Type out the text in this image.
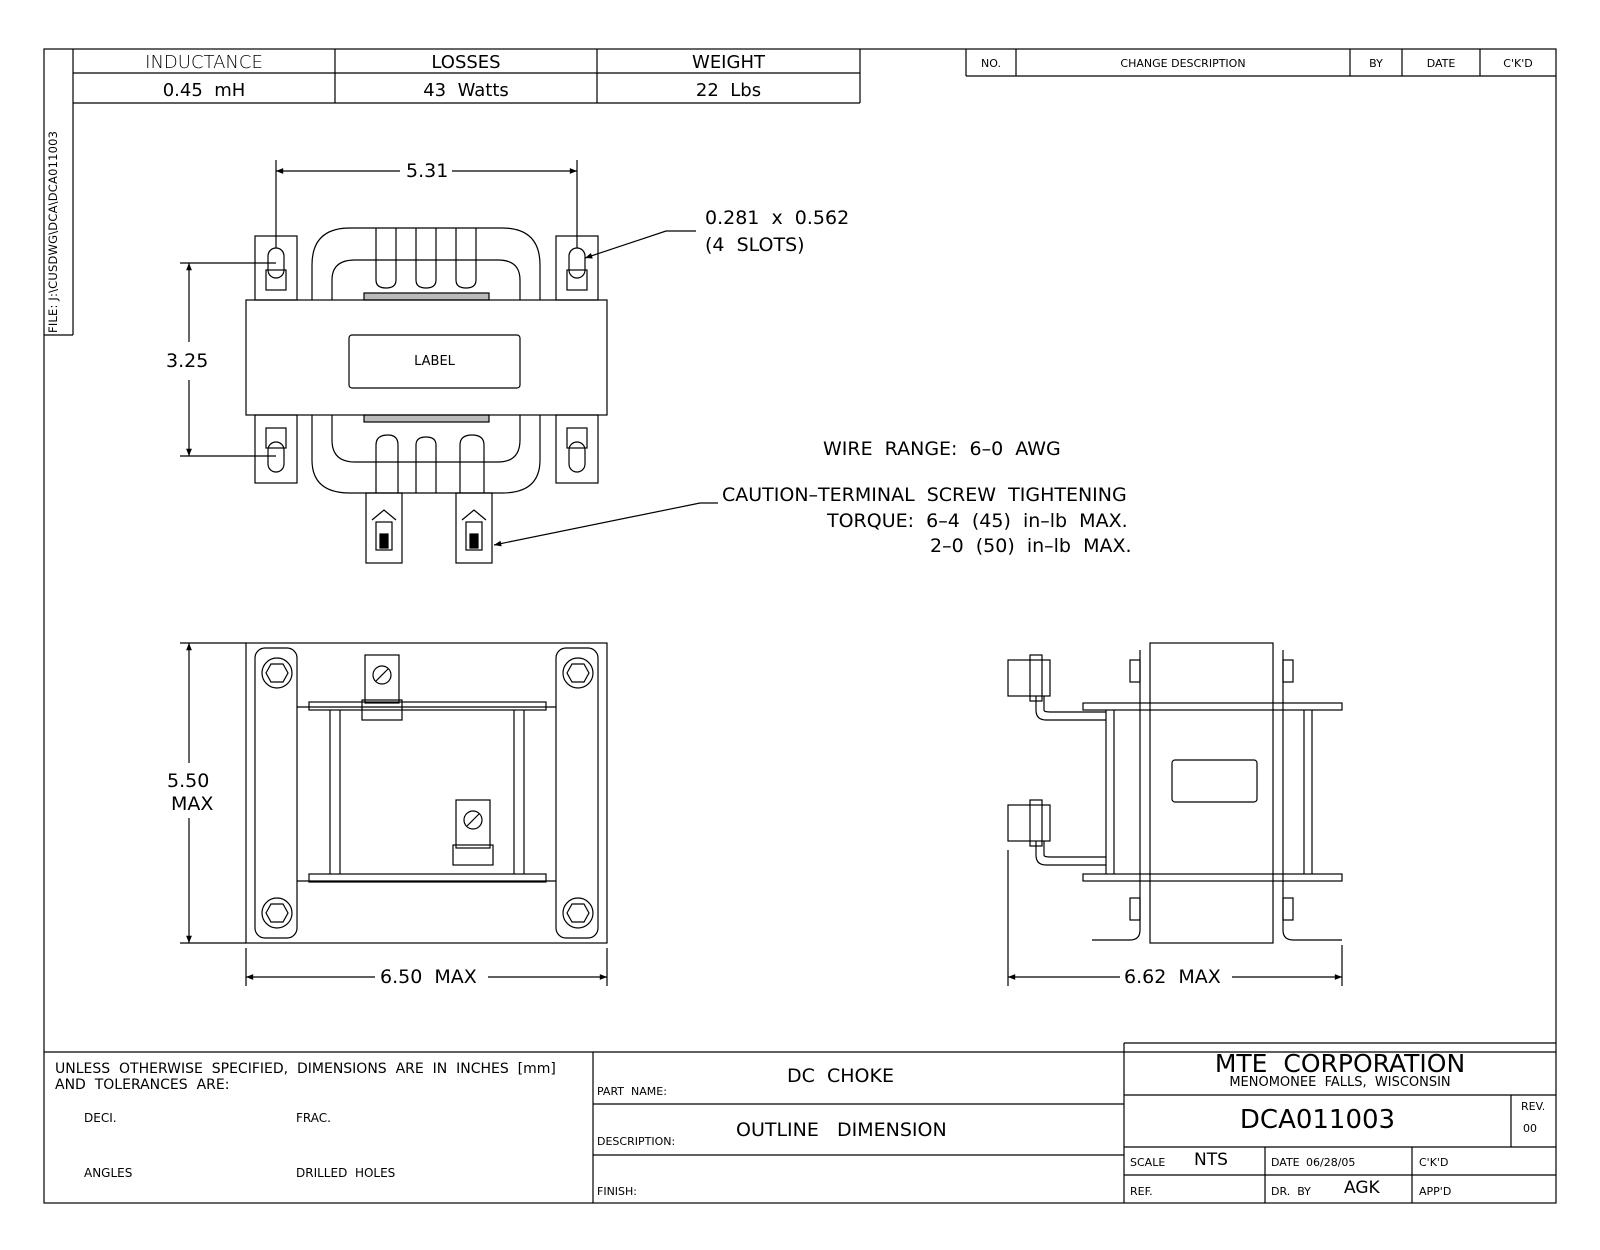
FILE: J:\CUSDWG\DCA\DCA011003
INDUCTANCE	LOSSES	WEIGHT
0.45  mH	43  Watts	22  Lbs
NO.	CHANGE DESCRIPTION	BY	DATE	C'K'D
5.31
0.281  x  0.562
(4  SLOTS)
3.25	LABEL
WIRE  RANGE:  6–0  AWG
CAUTION–TERMINAL  SCREW  TIGHTENING
TORQUE:  6–4  (45)  in–lb  MAX.
2–0  (50)  in–lb  MAX.
5.50
MAX
6.50  MAX	6.62  MAX
UNLESS  OTHERWISE  SPECIFIED,  DIMENSIONS  ARE  IN  INCHES  [mm]
AND  TOLERANCES  ARE:
DECI.	FRAC.
ANGLES	DRILLED  HOLES
PART  NAME:
DC  CHOKE
DESCRIPTION:
OUTLINE   DIMENSION
FINISH:
MTE  CORPORATION
MENOMONEE  FALLS,  WISCONSIN
DCA011003	REV.
00
SCALE NTS	DATE 06/28/05	C'K'D
REF.	DR.  BY AGK	APP'D
